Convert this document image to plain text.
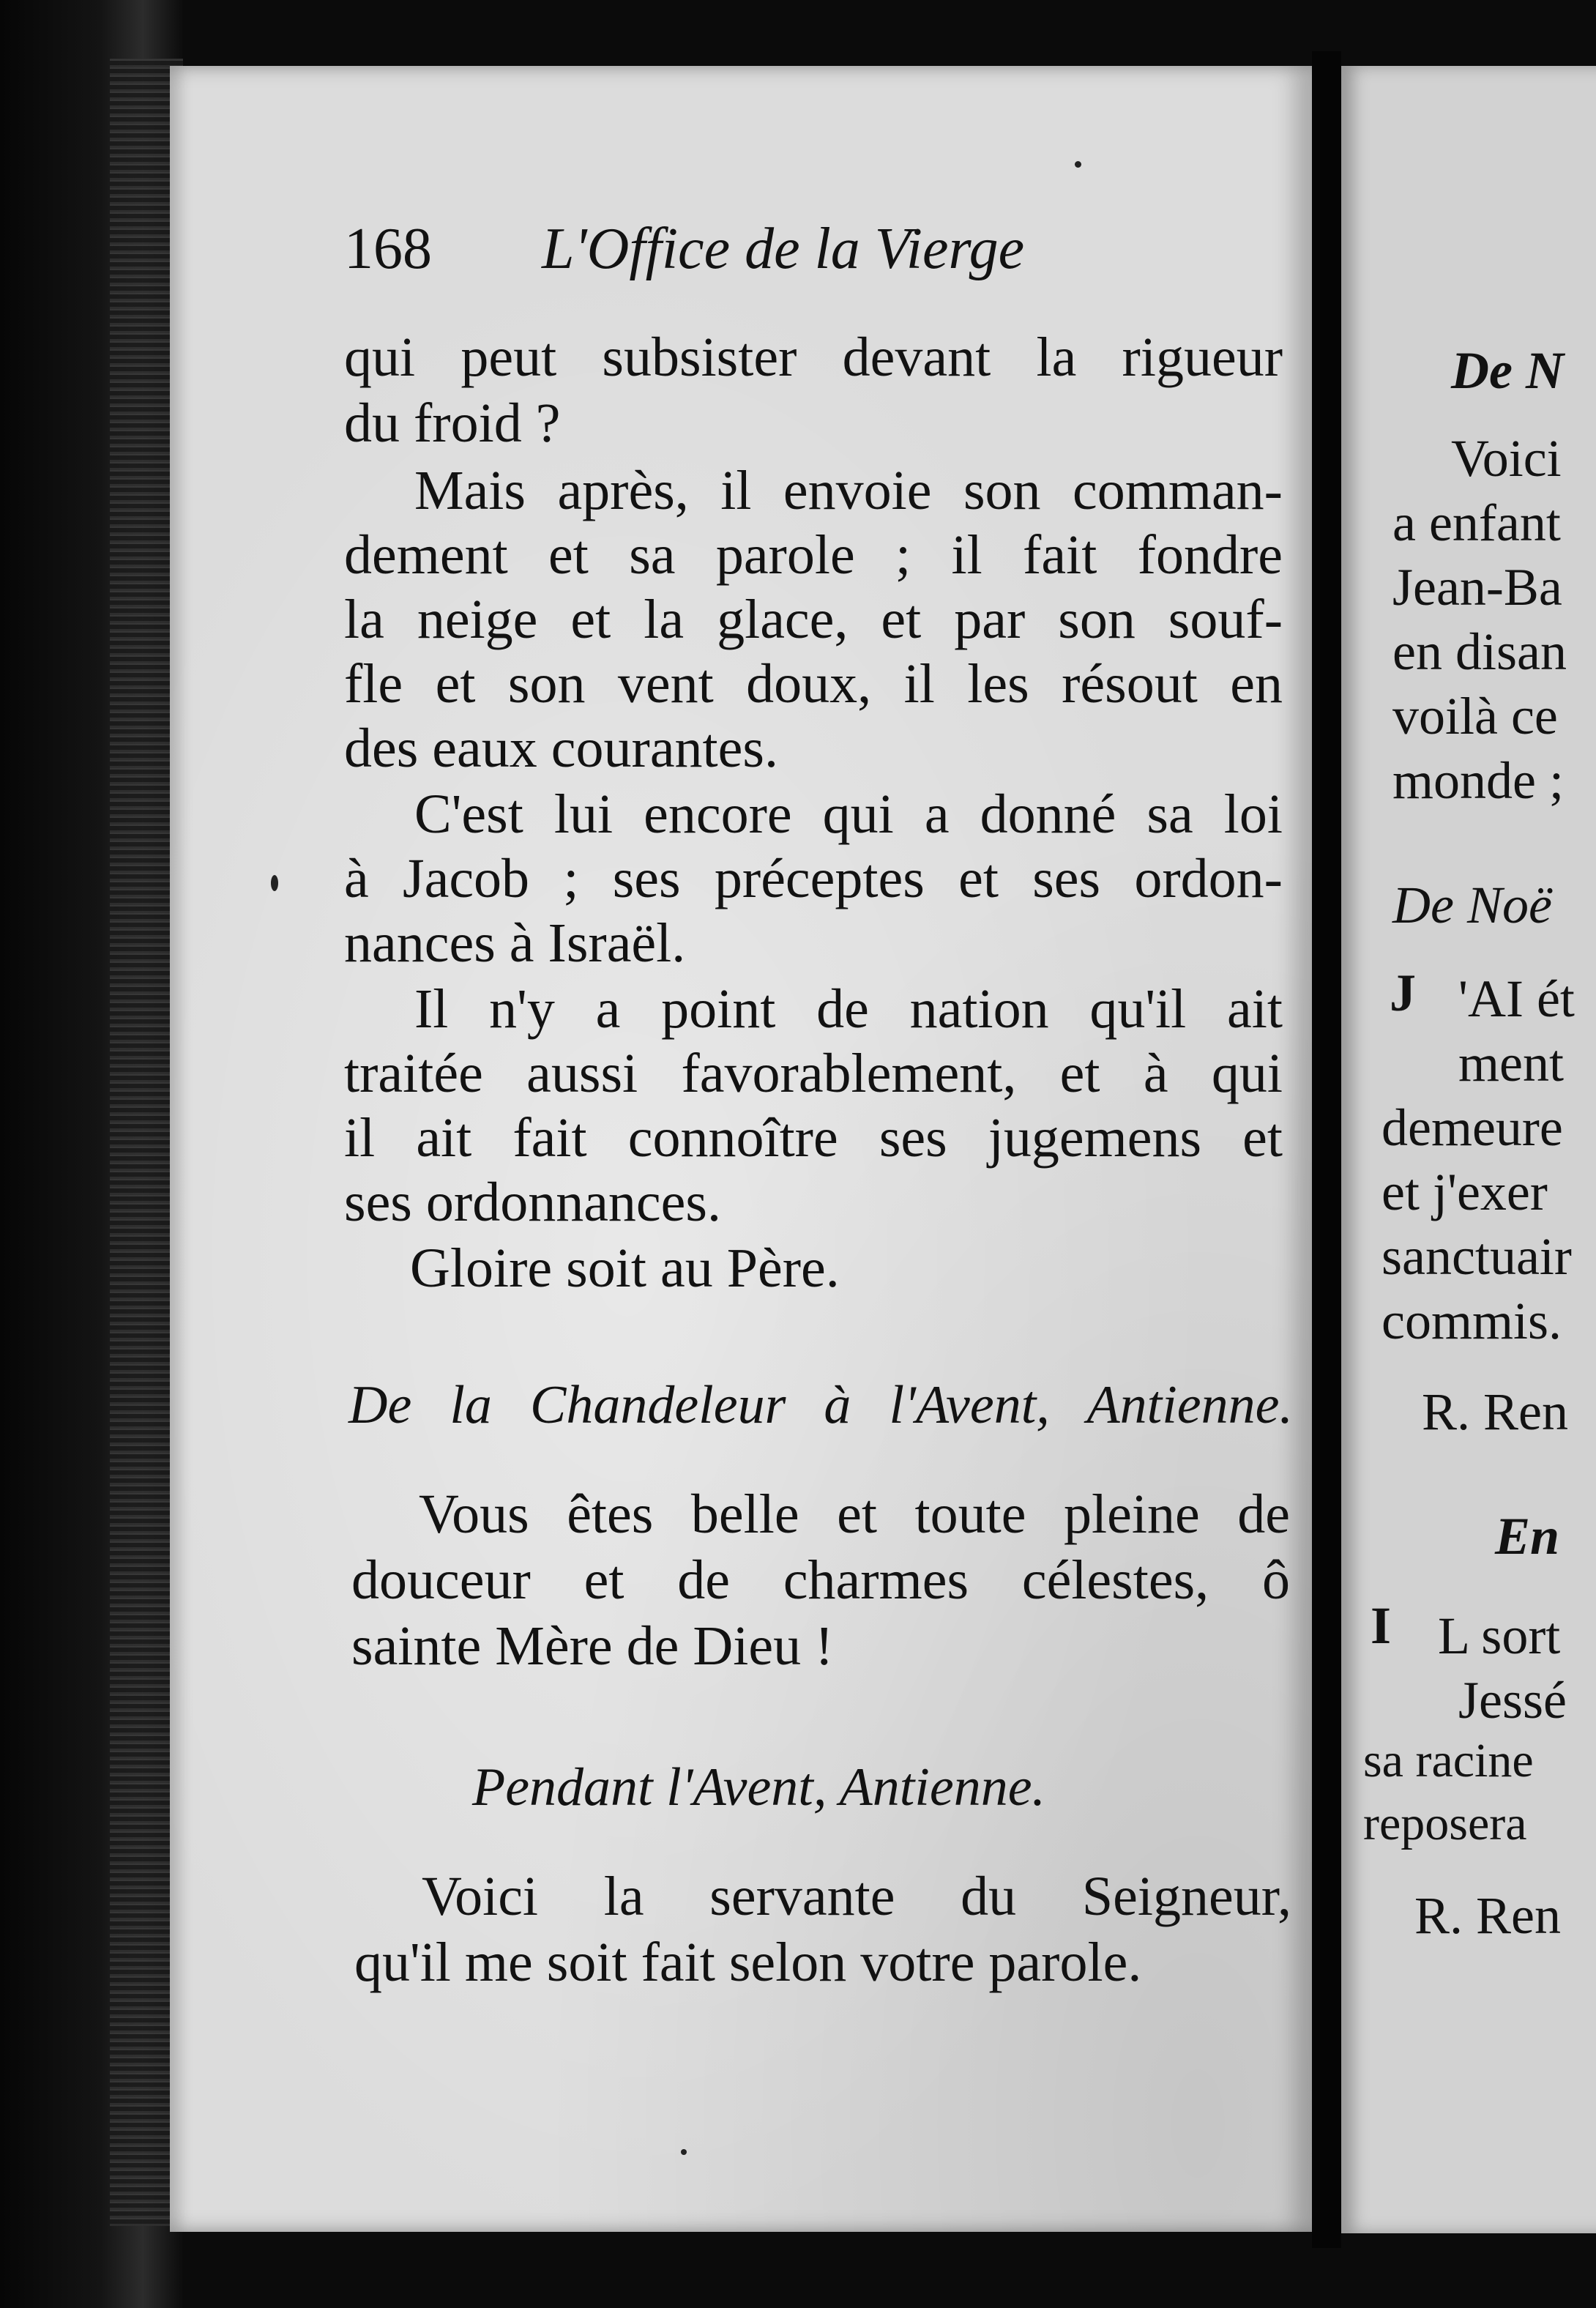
168 L'Office de la Vierge
qui peut subsister devant la rigueur
du froid ?
Mais après, il envoie son comman-
dement et sa parole ; il fait fondre
la neige et la glace, et par son souf-
fle et son vent doux, il les résout en
des eaux courantes.
C'est lui encore qui a donné sa loi
à Jacob ; ses préceptes et ses ordon-
nances à Israël.
Il n'y a point de nation qu'il ait
traitée aussi favorablement, et à qui
il ait fait connoître ses jugemens et
ses ordonnances.
Gloire soit au Père.
De la Chandeleur à l'Avent, Antienne.
Vous êtes belle et toute pleine de
douceur et de charmes célestes, ô
sainte Mère de Dieu !
Pendant l'Avent, Antienne.
Voici la servante du Seigneur,
qu'il me soit fait selon votre parole.
De N
Voici
a enfant
Jean-Ba
en disan
voilà ce
monde ;
De Noë
J 'AI ét
ment
demeure
et j'exer
sanctuair
commis.
R. Ren
En
I L sort
Jessé
sa racine
reposera
R. Ren
